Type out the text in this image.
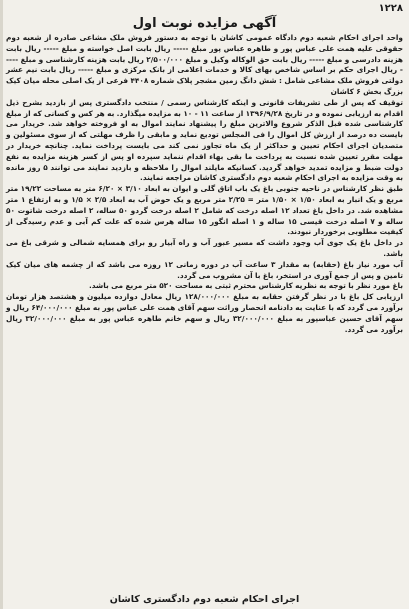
۱۲۲۸
آگهی مزایده نوبت اول

واحد اجرای احکام شعبه دوم دادگاه عمومی کاشان با توجه به دستور فروش ملک مشاعی صادره از شعبه دوم حقوقی علیه همت علی عباس پور و طاهره عباس پور مبلغ ----- ریال بابت اصل خواسته و مبلغ ----- ریال بابت هزینه دادرسی و مبلغ ----- ریال بابت حق الوکاله وکیل و مبلغ ۲/۵۰۰/۰۰۰ ریال بابت هزینه کارشناسی و مبلغ ----- ریال اجرای حکم بر اساس شاخص بهای کالا و خدمات اعلامی از بانک مرکزی و مبلغ ----- ریال بابت نیم عشر دولتی فروش ملک مشاعی شامل : شش دانگ زمین مشجر پلاک شماره ۴۴۰۸ فرعی از یک اصلی محله میان کیک بزرگ بخش ۶ کاشان

توقیف که پس از طی تشریفات قانونی و اینکه کارشناس رسمی / منتخب دادگستری پس از بازدید بشرح ذیل اقدام به ارزیابی نموده و در تاریخ ۱۳۹۶/۹/۲۸ از ساعت ۱۱ - ۱۰ به مزایده میگذارد. به هر کس و کسانی که از مبلغ کارشناسی شده قبل الذکر شروع والاترین مبلغ را پیشنهاد نمایند اموال به او فروخته خواهد شد. خریدار می بایست ده درصد از ارزش کل اموال را فی المجلس تودیع نماید و مابقی را ظرف مهلتی که از سوی مسئولین و متصدیان اجرای احکام تعیین و حداکثر از یک ماه تجاوز نمی کند می بایست پرداخت نماید. چنانچه خریدار در مهلت مقرر تعیین شده نسبت به پرداخت ما بقی بهاء اقدام ننماید سپرده او پس از کسر هزینه مزایده به نفع دولت ضبط و مزایده تمدید خواهد گردید. کسانیکه مایلند اموال را ملاحظه و بازدید نمایند می توانند ۵ روز مانده به وقت مزایده به اجرای احکام شعبه دوم دادگستری کاشان مراجعه نمایند.

طبق نظر کارشناس در ناحیه جنوبی باغ یک باب اتاق گلی و ایوان به ابعاد ۳/۱۰ × ۶/۲۰ متر به مساحت ۱۹/۲۲ متر مربع و یک انبار به ابعاد ۱/۵۰ × ۱/۵۰ متر = ۲/۲۵ متر مربع و یک حوض آب به ابعاد ۲/۵ × ۱/۵ و به ارتفاع ۱ متر مشاهده شد. در داخل باغ تعداد ۱۲ اصله درخت که شامل ۲ اصله درخت گردو ۵۰ ساله، ۲ اصله درخت شاتوت ۵۰ ساله و ۷ اصله درخت قیسی ۱۵ ساله و ۱ اصله انگور ۱۵ ساله هرس شده که علت کم آبی و عدم رسیدگی از کیفیت مطلوبی برخوردار نبودند.

در داخل باغ یک جوی آب وجود داشت که مسیر عبور آب و راه آبیار رو برای همسایه شمالی و شرقی باغ می باشد.

آب مورد نیاز باغ (حقابه) به مقدار ۳ ساعت آب در دوره زمانی ۱۲ روزه می باشد که از چشمه های میان کیک تامین و پس از جمع آوری در استخر، باغ با آن مشروب می گردد.

باغ مورد نظر با توجه به نظریه کارشناس محترم ثبتی به مساحت ۵۲۰ متر مربع می باشد.

ارزیابی کل باغ با در نظر گرفتن حقابه به مبلغ ۱۲۸/۰۰۰/۰۰۰ ریال معادل دوازده میلیون و هشتصد هزار تومان برآورد می گردد که با عنایت به دادنامه انحصار وراثت سهم آقای همت علی عباس پور به مبلغ ۶۴/۰۰۰/۰۰۰ ریال و سهم آقای حسین عباسپور به مبلغ ۳۲/۰۰۰/۰۰۰ ریال و سهم خانم طاهره عباس پور به مبلغ ۳۲/۰۰۰/۰۰۰ ریال برآورد می گردد.

اجرای احکام شعبه دوم دادگستری کاشان
